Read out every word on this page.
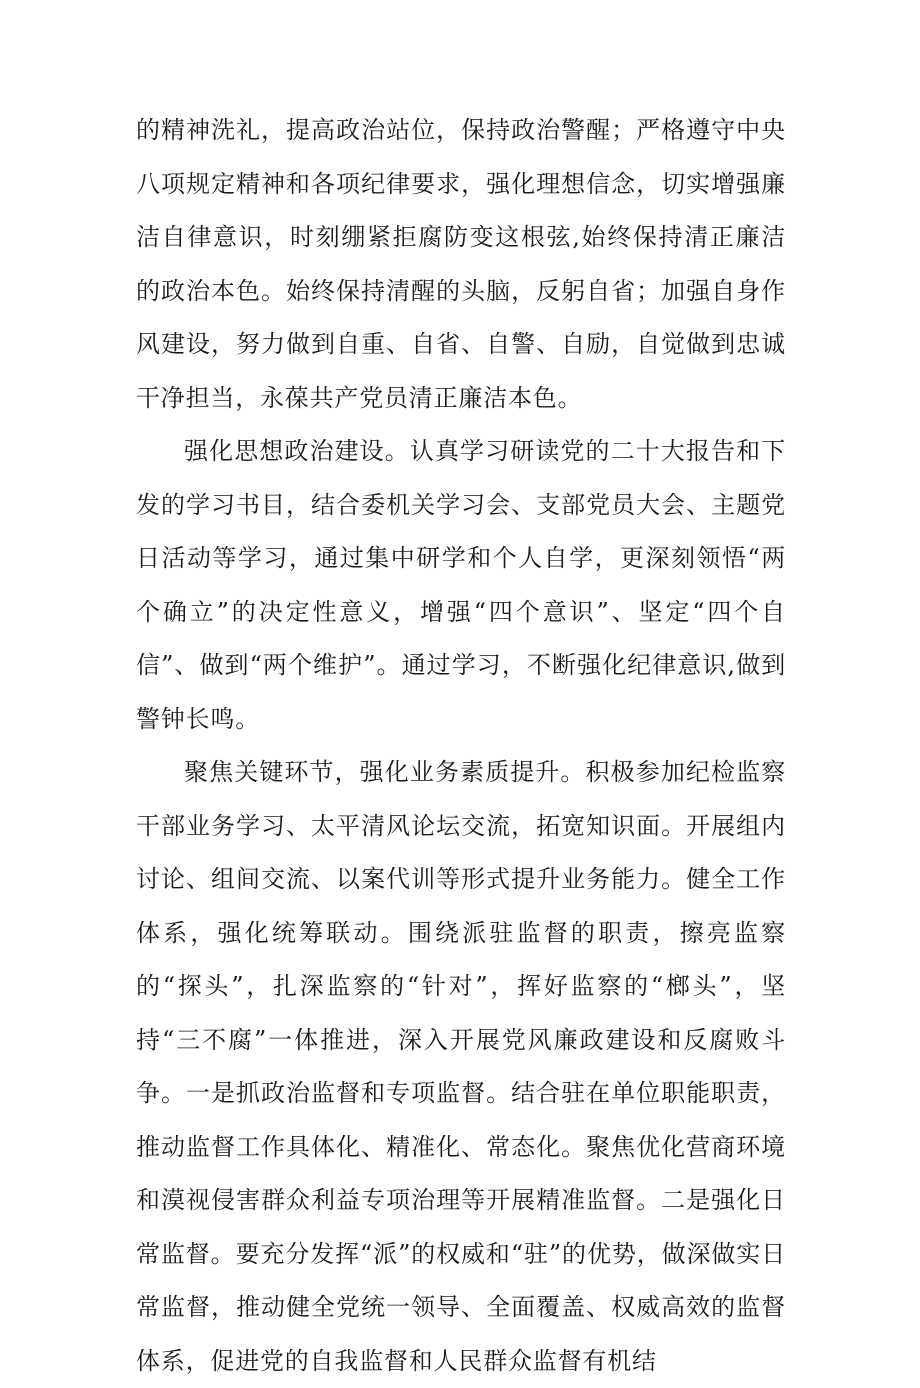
的精神洗礼，提高政治站位，保持政治警醒；严格遵守中央八项规定精神和各项纪律要求，强化理想信念，切实增强廉洁自律意识，时刻绷紧拒腐防变这根弦,始终保持清正廉洁的政治本色。始终保持清醒的头脑，反躬自省；加强自身作风建设，努力做到自重、自省、自警、自励，自觉做到忠诚干净担当，永葆共产党员清正廉洁本色。

强化思想政治建设。认真学习研读党的二十大报告和下发的学习书目，结合委机关学习会、支部党员大会、主题党日活动等学习，通过集中研学和个人自学，更深刻领悟“两个确立”的决定性意义，增强“四个意识”、坚定“四个自信”、做到“两个维护”。通过学习，不断强化纪律意识,做到警钟长鸣。

聚焦关键环节，强化业务素质提升。积极参加纪检监察干部业务学习、太平清风论坛交流，拓宽知识面。开展组内讨论、组间交流、以案代训等形式提升业务能力。健全工作体系，强化统筹联动。围绕派驻监督的职责，擦亮监察的“探头”，扎深监察的“针对”，挥好监察的“榔头”，坚持“三不腐”一体推进，深入开展党风廉政建设和反腐败斗争。一是抓政治监督和专项监督。结合驻在单位职能职责，推动监督工作具体化、精准化、常态化。聚焦优化营商环境和漠视侵害群众利益专项治理等开展精准监督。二是强化日常监督。要充分发挥“派”的权威和“驻”的优势，做深做实日常监督，推动健全党统一领导、全面覆盖、权威高效的监督体系，促进党的自我监督和人民群众监督有机结
